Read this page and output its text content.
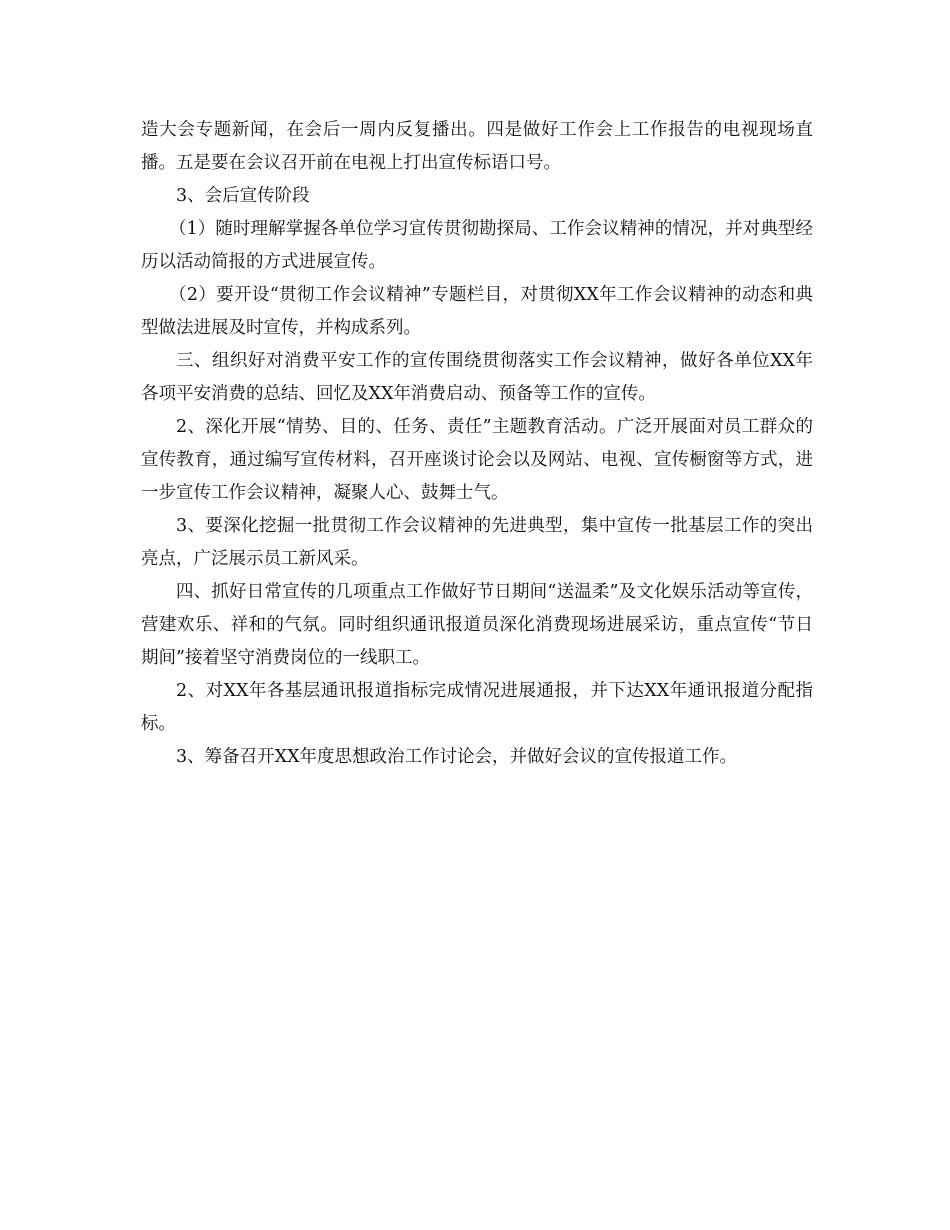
造大会专题新闻，在会后一周内反复播出。四是做好工作会上工作报告的电视现场直播。五是要在会议召开前在电视上打出宣传标语口号。

3、会后宣传阶段

（1）随时理解掌握各单位学习宣传贯彻勘探局、工作会议精神的情况，并对典型经历以活动简报的方式进展宣传。

（2）要开设“贯彻工作会议精神”专题栏目，对贯彻XX年工作会议精神的动态和典型做法进展及时宣传，并构成系列。

三、组织好对消费平安工作的宣传围绕贯彻落实工作会议精神，做好各单位XX年各项平安消费的总结、回忆及XX年消费启动、预备等工作的宣传。

2、深化开展“情势、目的、任务、责任”主题教育活动。广泛开展面对员工群众的宣传教育，通过编写宣传材料，召开座谈讨论会以及网站、电视、宣传橱窗等方式，进一步宣传工作会议精神，凝聚人心、鼓舞士气。

3、要深化挖掘一批贯彻工作会议精神的先进典型，集中宣传一批基层工作的突出亮点，广泛展示员工新风采。

四、抓好日常宣传的几项重点工作做好节日期间“送温柔”及文化娱乐活动等宣传，营建欢乐、祥和的气氛。同时组织通讯报道员深化消费现场进展采访，重点宣传“节日期间”接着坚守消费岗位的一线职工。

2、对XX年各基层通讯报道指标完成情况进展通报，并下达XX年通讯报道分配指标。

3、筹备召开XX年度思想政治工作讨论会，并做好会议的宣传报道工作。
